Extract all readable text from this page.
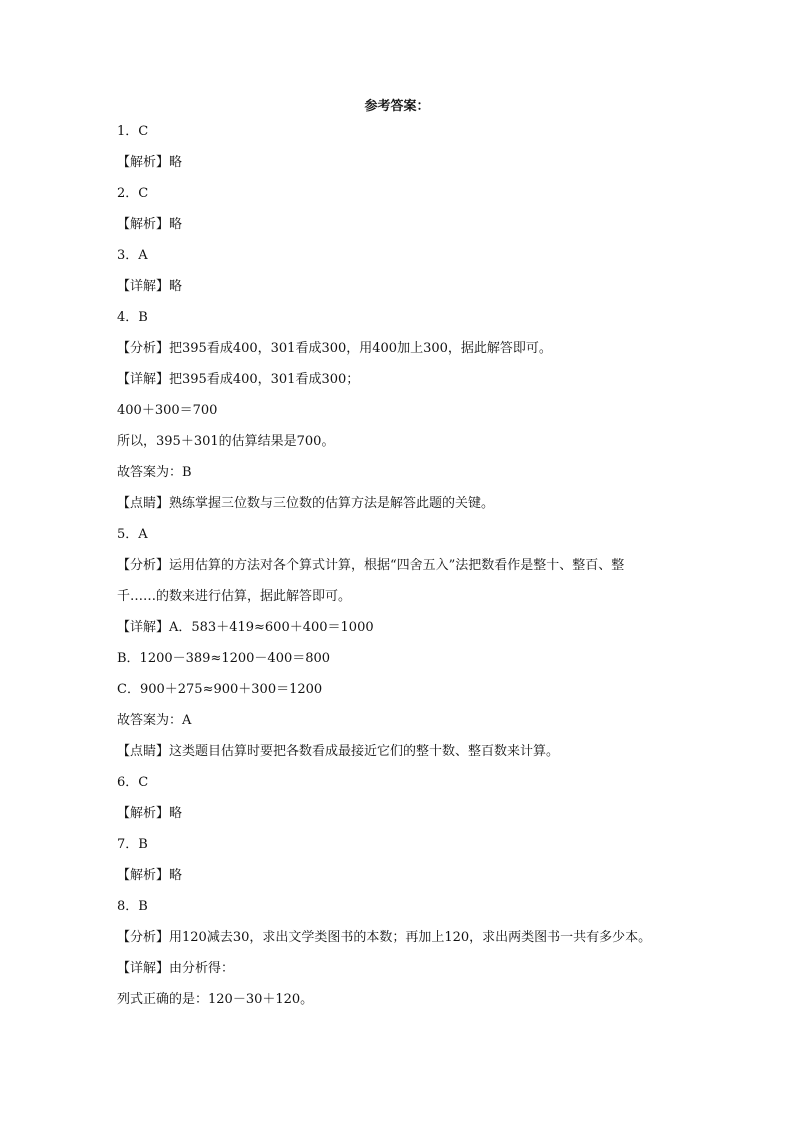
参考答案：
1．C
【解析】略
2．C
【解析】略
3．A
【详解】略
4．B
【分析】把395看成400，301看成300，用400加上300，据此解答即可。
【详解】把395看成400，301看成300；
400＋300＝700
所以，395＋301的估算结果是700。
故答案为：B
【点睛】熟练掌握三位数与三位数的估算方法是解答此题的关键。
5．A
【分析】运用估算的方法对各个算式计算，根据“四舍五入”法把数看作是整十、整百、整
千……的数来进行估算，据此解答即可。
【详解】A．583＋419≈600＋400＝1000
B．1200－389≈1200－400＝800
C．900＋275≈900＋300＝1200
故答案为：A
【点睛】这类题目估算时要把各数看成最接近它们的整十数、整百数来计算。
6．C
【解析】略
7．B
【解析】略
8．B
【分析】用120减去30，求出文学类图书的本数；再加上120，求出两类图书一共有多少本。
【详解】由分析得：
列式正确的是：120－30＋120。
